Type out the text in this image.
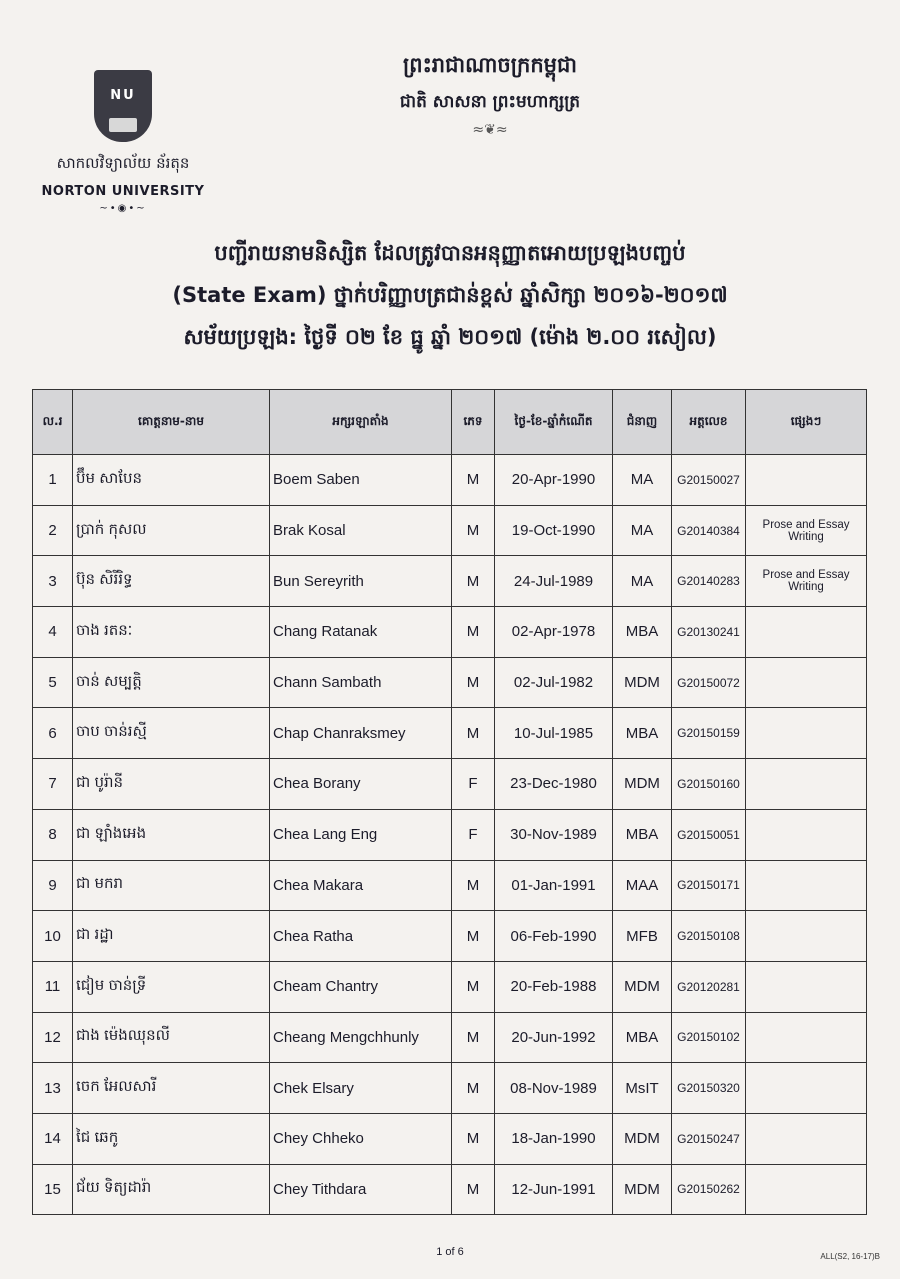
NU
សាកលវិទ្យាល័យ ន័រតុន
NORTON UNIVERSITY
~•◉•~
ព្រះរាជាណាចក្រកម្ពុជា
ជាតិ សាសនា ព្រះមហាក្សត្រ
≈❦≈
បញ្ជីរាយនាមនិស្សិត ដែលត្រូវបានអនុញ្ញាតអោយប្រឡងបញ្ចប់
(State Exam) ថ្នាក់បរិញ្ញាបត្រជាន់ខ្ពស់ ឆ្នាំសិក្សា ២០១៦-២០១៧
សម័យប្រឡង: ថ្ងៃទី ០២ ខែ ធ្នូ ឆ្នាំ ២០១៧ (ម៉ោង ២.០០ រសៀល)
ល.រ	គោត្តនាម-នាម	អក្សរឡាតាំង	ភេទ	ថ្ងៃ-ខែ-ឆ្នាំកំណើត	ជំនាញ	អត្តលេខ	ផ្សេងៗ
1	ប៊ឹម សាបែន	Boem Saben	M	20-Apr-1990	MA	G20150027	
2	ប្រាក់ កុសល	Brak Kosal	M	19-Oct-1990	MA	G20140384	Prose and Essay Writing
3	ប៊ុន សិរីរិទ្ធ	Bun Sereyrith	M	24-Jul-1989	MA	G20140283	Prose and Essay Writing
4	ចាង រតនៈ	Chang Ratanak	M	02-Apr-1978	MBA	G20130241	
5	ចាន់ សម្បត្តិ	Chann Sambath	M	02-Jul-1982	MDM	G20150072	
6	ចាប ចាន់រស្មី	Chap Chanraksmey	M	10-Jul-1985	MBA	G20150159	
7	ជា បូរ៉ានី	Chea Borany	F	23-Dec-1980	MDM	G20150160	
8	ជា ឡាំងអេង	Chea Lang Eng	F	30-Nov-1989	MBA	G20150051	
9	ជា មករា	Chea Makara	M	01-Jan-1991	MAA	G20150171	
10	ជា រដ្ឋា	Chea Ratha	M	06-Feb-1990	MFB	G20150108	
11	ជៀម ចាន់ទ្រី	Cheam Chantry	M	20-Feb-1988	MDM	G20120281	
12	ជាង ម៉េងឈុនលី	Cheang Mengchhunly	M	20-Jun-1992	MBA	G20150102	
13	ចេក អែលសារី	Chek Elsary	M	08-Nov-1989	MsIT	G20150320	
14	ជៃ ឆេកូ	Chey Chheko	M	18-Jan-1990	MDM	G20150247	
15	ជ័យ ទិត្យដារ៉ា	Chey Tithdara	M	12-Jun-1991	MDM	G20150262	
1 of 6	ALL(S2, 16-17)B
